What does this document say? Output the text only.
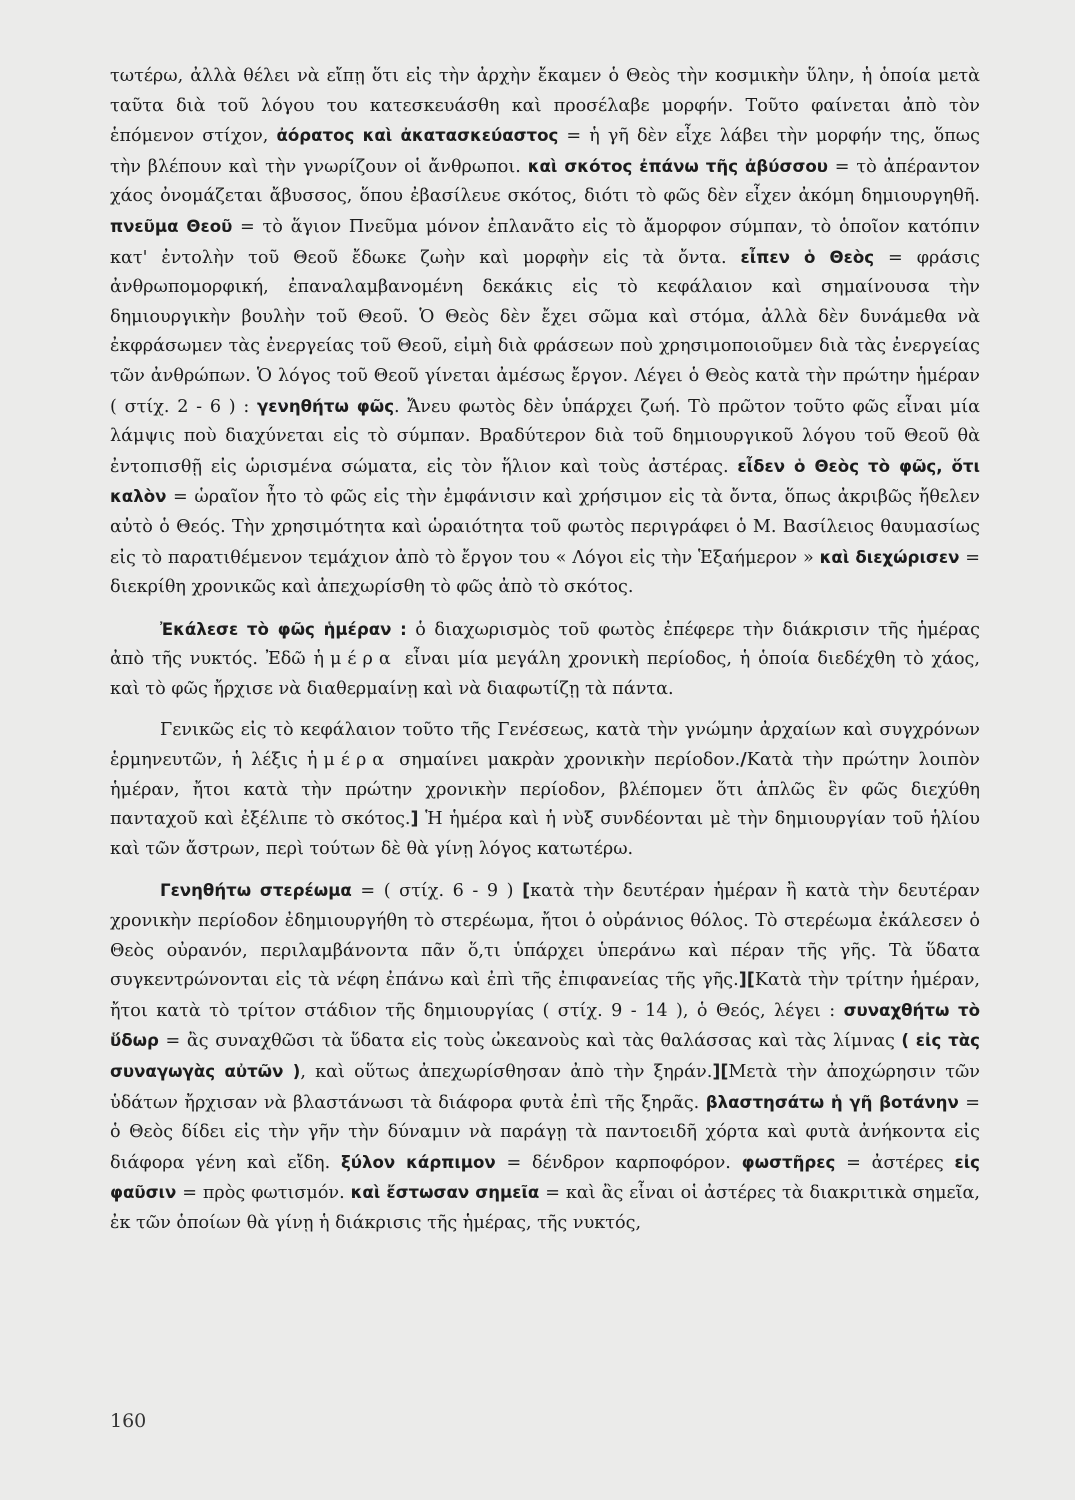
τωτέρω, ἀλλὰ θέλει νὰ εἴπῃ ὅτι εἰς τὴν ἀρχὴν ἔκαμεν ὁ Θεὸς τὴν κοσμικὴν ὕλην, ἡ ὁποία μετὰ ταῦτα διὰ τοῦ λόγου του κατεσκευάσθη καὶ προσέλαβε μορφήν. Τοῦτο φαίνεται ἀπὸ τὸν ἑπόμενον στίχον, ἀόρατος καὶ ἀκατασκεύαστος = ἡ γῆ δὲν εἶχε λάβει τὴν μορφήν της, ὅπως τὴν βλέπουν καὶ τὴν γνωρίζουν οἱ ἄνθρωποι. καὶ σκότος ἐπάνω τῆς ἀβύσσου = τὸ ἀπέραντον χάος ὀνομάζεται ἄβυσσος, ὅπου ἐβασίλευε σκότος, διότι τὸ φῶς δὲν εἶχεν ἀκόμη δημιουργηθῆ. πνεῦμα Θεοῦ = τὸ ἅγιον Πνεῦμα μόνον ἐπλανᾶτο εἰς τὸ ἄμορφον σύμπαν, τὸ ὁποῖον κατόπιν κατ' ἐντολὴν τοῦ Θεοῦ ἔδωκε ζωὴν καὶ μορφὴν εἰς τὰ ὄντα. εἶπεν ὁ Θεὸς = φράσις ἀνθρωπομορφική, ἐπαναλαμβανομένη δεκάκις εἰς τὸ κεφάλαιον καὶ σημαίνουσα τὴν δημιουργικὴν βουλὴν τοῦ Θεοῦ. Ὁ Θεὸς δὲν ἔχει σῶμα καὶ στόμα, ἀλλὰ δὲν δυνάμεθα νὰ ἐκφράσωμεν τὰς ἐνεργείας τοῦ Θεοῦ, εἰμὴ διὰ φράσεων ποὺ χρησιμοποιοῦμεν διὰ τὰς ἐνεργείας τῶν ἀνθρώπων. Ὁ λόγος τοῦ Θεοῦ γίνεται ἀμέσως ἔργον. Λέγει ὁ Θεὸς κατὰ τὴν πρώτην ἡμέραν ( στίχ. 2 - 6 ) : γενηθήτω φῶς. Ἄνευ φωτὸς δὲν ὑπάρχει ζωή. Τὸ πρῶτον τοῦτο φῶς εἶναι μία λάμψις ποὺ διαχύνεται εἰς τὸ σύμπαν. Βραδύτερον διὰ τοῦ δημιουργικοῦ λόγου τοῦ Θεοῦ θὰ ἐντοπισθῇ εἰς ὡρισμένα σώματα, εἰς τὸν ἥλιον καὶ τοὺς ἀστέρας. εἶδεν ὁ Θεὸς τὸ φῶς, ὅτι καλὸν = ὡραῖον ἦτο τὸ φῶς εἰς τὴν ἐμφάνισιν καὶ χρήσιμον εἰς τὰ ὄντα, ὅπως ἀκριβῶς ἤθελεν αὐτὸ ὁ Θεός. Τὴν χρησιμότητα καὶ ὡραιότητα τοῦ φωτὸς περιγράφει ὁ Μ. Βασίλειος θαυμασίως εἰς τὸ παρατιθέμενον τεμάχιον ἀπὸ τὸ ἔργον του « Λόγοι εἰς τὴν Ἑξαήμερον » καὶ διεχώρισεν = διεκρίθη χρονικῶς καὶ ἀπεχωρίσθη τὸ φῶς ἀπὸ τὸ σκότος.

Ἐκάλεσε τὸ φῶς ἡμέραν : ὁ διαχωρισμὸς τοῦ φωτὸς ἐπέφερε τὴν διάκρισιν τῆς ἡμέρας ἀπὸ τῆς νυκτός. Ἐδῶ ἡμέρα εἶναι μία μεγάλη χρονικὴ περίοδος, ἡ ὁποία διεδέχθη τὸ χάος, καὶ τὸ φῶς ἤρχισε νὰ διαθερμαίνῃ καὶ νὰ διαφωτίζῃ τὰ πάντα.

Γενικῶς εἰς τὸ κεφάλαιον τοῦτο τῆς Γενέσεως, κατὰ τὴν γνώμην ἀρχαίων καὶ συγχρόνων ἑρμηνευτῶν, ἡ λέξις ἡμέρα σημαίνει μακρὰν χρονικὴν περίοδον./Κατὰ τὴν πρώτην λοιπὸν ἡμέραν, ἤτοι κατὰ τὴν πρώτην χρονικὴν περίοδον, βλέπομεν ὅτι ἁπλῶς ἓν φῶς διεχύθη πανταχοῦ καὶ ἐξέλιπε τὸ σκότος.] Ἡ ἡμέρα καὶ ἡ νὺξ συνδέονται μὲ τὴν δημιουργίαν τοῦ ἡλίου καὶ τῶν ἄστρων, περὶ τούτων δὲ θὰ γίνῃ λόγος κατωτέρω.

Γενηθήτω στερέωμα = ( στίχ. 6 - 9 ) [κατὰ τὴν δευτέραν ἡμέραν ἢ κατὰ τὴν δευτέραν χρονικὴν περίοδον ἐδημιουργήθη τὸ στερέωμα, ἤτοι ὁ οὐράνιος θόλος. Τὸ στερέωμα ἐκάλεσεν ὁ Θεὸς οὐρανόν, περιλαμβάνοντα πᾶν ὅ,τι ὑπάρχει ὑπεράνω καὶ πέραν τῆς γῆς. Τὰ ὕδατα συγκεντρώνονται εἰς τὰ νέφη ἐπάνω καὶ ἐπὶ τῆς ἐπιφανείας τῆς γῆς.][Κατὰ τὴν τρίτην ἡμέραν, ἤτοι κατὰ τὸ τρίτον στάδιον τῆς δημιουργίας ( στίχ. 9 - 14 ), ὁ Θεός, λέγει : συναχθήτω τὸ ὕδωρ = ἂς συναχθῶσι τὰ ὕδατα εἰς τοὺς ὠκεανοὺς καὶ τὰς θαλάσσας καὶ τὰς λίμνας ( εἰς τὰς συναγωγὰς αὐτῶν ), καὶ οὕτως ἀπεχωρίσθησαν ἀπὸ τὴν ξηράν.][Μετὰ τὴν ἀποχώρησιν τῶν ὑδάτων ἤρχισαν νὰ βλαστάνωσι τὰ διάφορα φυτὰ ἐπὶ τῆς ξηρᾶς. βλαστησάτω ἡ γῆ βοτάνην = ὁ Θεὸς δίδει εἰς τὴν γῆν τὴν δύναμιν νὰ παράγῃ τὰ παντοειδῆ χόρτα καὶ φυτὰ ἀνήκοντα εἰς διάφορα γένη καὶ εἴδη. ξύλον κάρπιμον = δένδρον καρποφόρον. φωστῆρες = ἀστέρες εἰς φαῦσιν = πρὸς φωτισμόν. καὶ ἔστωσαν σημεῖα = καὶ ἂς εἶναι οἱ ἀστέρες τὰ διακριτικὰ σημεῖα, ἐκ τῶν ὁποίων θὰ γίνῃ ἡ διάκρισις τῆς ἡμέρας, τῆς νυκτός,

160
